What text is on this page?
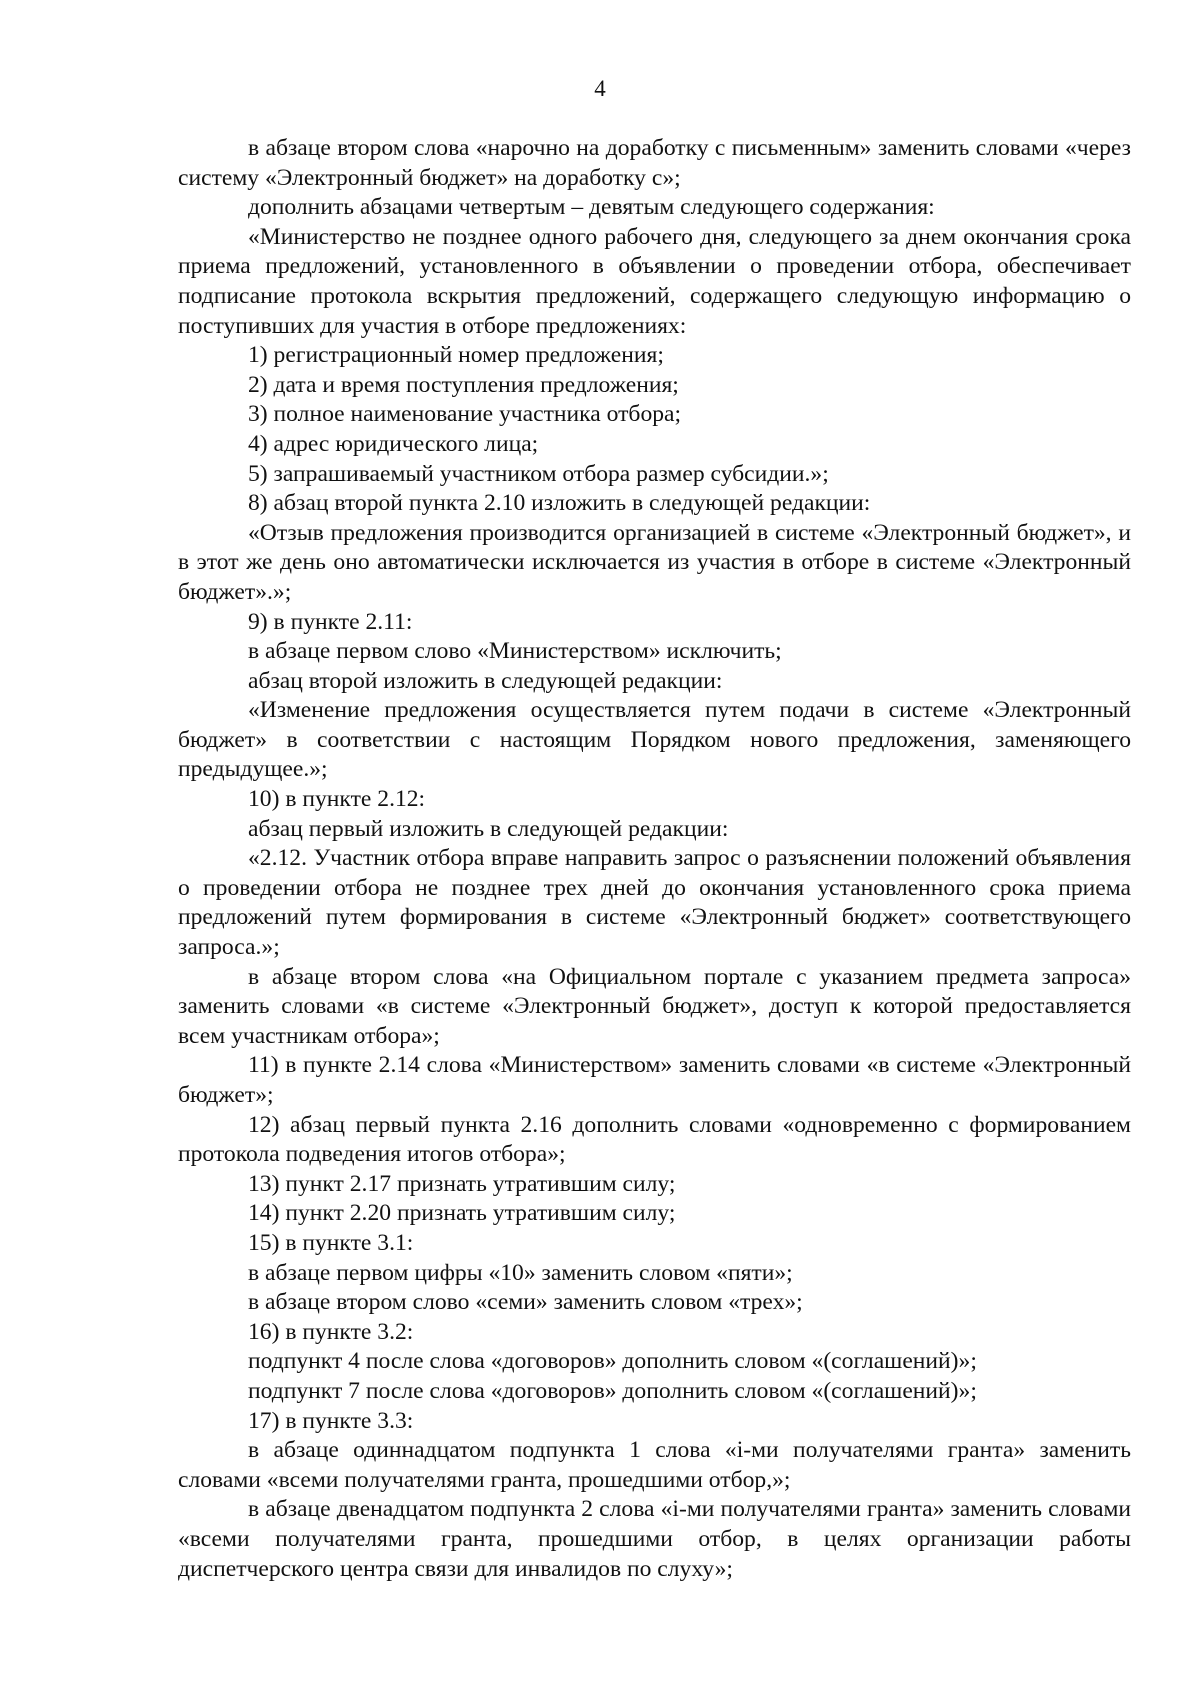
4

в абзаце втором слова «нарочно на доработку с письменным» заменить словами «через систему «Электронный бюджет» на доработку с»;

дополнить абзацами четвертым – девятым следующего содержания:

«Министерство не позднее одного рабочего дня, следующего за днем окончания срока приема предложений, установленного в объявлении о проведении отбора, обеспечивает подписание протокола вскрытия предложений, содержащего следующую информацию о поступивших для участия в отборе предложениях:

1) регистрационный номер предложения;

2) дата и время поступления предложения;

3) полное наименование участника отбора;

4) адрес юридического лица;

5) запрашиваемый участником отбора размер субсидии.»;

8) абзац второй пункта 2.10 изложить в следующей редакции:

«Отзыв предложения производится организацией в системе «Электронный бюджет», и в этот же день оно автоматически исключается из участия в отборе в системе «Электронный бюджет».»;

9) в пункте 2.11:

в абзаце первом слово «Министерством» исключить;

абзац второй изложить в следующей редакции:

«Изменение предложения осуществляется путем подачи в системе «Электронный бюджет» в соответствии с настоящим Порядком нового предложения, заменяющего предыдущее.»;

10) в пункте 2.12:

абзац первый изложить в следующей редакции:

«2.12. Участник отбора вправе направить запрос о разъяснении положений объявления о проведении отбора не позднее трех дней до окончания установленного срока приема предложений путем формирования в системе «Электронный бюджет» соответствующего запроса.»;

в абзаце втором слова «на Официальном портале с указанием предмета запроса» заменить словами «в системе «Электронный бюджет», доступ к которой предоставляется всем участникам отбора»;

11) в пункте 2.14 слова «Министерством» заменить словами «в системе «Электронный бюджет»;

12) абзац первый пункта 2.16 дополнить словами «одновременно с формированием протокола подведения итогов отбора»;

13) пункт 2.17 признать утратившим силу;

14) пункт 2.20 признать утратившим силу;

15) в пункте 3.1:

в абзаце первом цифры «10» заменить словом «пяти»;

в абзаце втором слово «семи» заменить словом «трех»;

16) в пункте 3.2:

подпункт 4 после слова «договоров» дополнить словом «(соглашений)»;

подпункт 7 после слова «договоров» дополнить словом «(соглашений)»;

17) в пункте 3.3:

в абзаце одиннадцатом подпункта 1 слова «i-ми получателями гранта» заменить словами «всеми получателями гранта, прошедшими отбор,»;

в абзаце двенадцатом подпункта 2 слова «i-ми получателями гранта» заменить словами «всеми получателями гранта, прошедшими отбор, в целях организации работы диспетчерского центра связи для инвалидов по слуху»;
